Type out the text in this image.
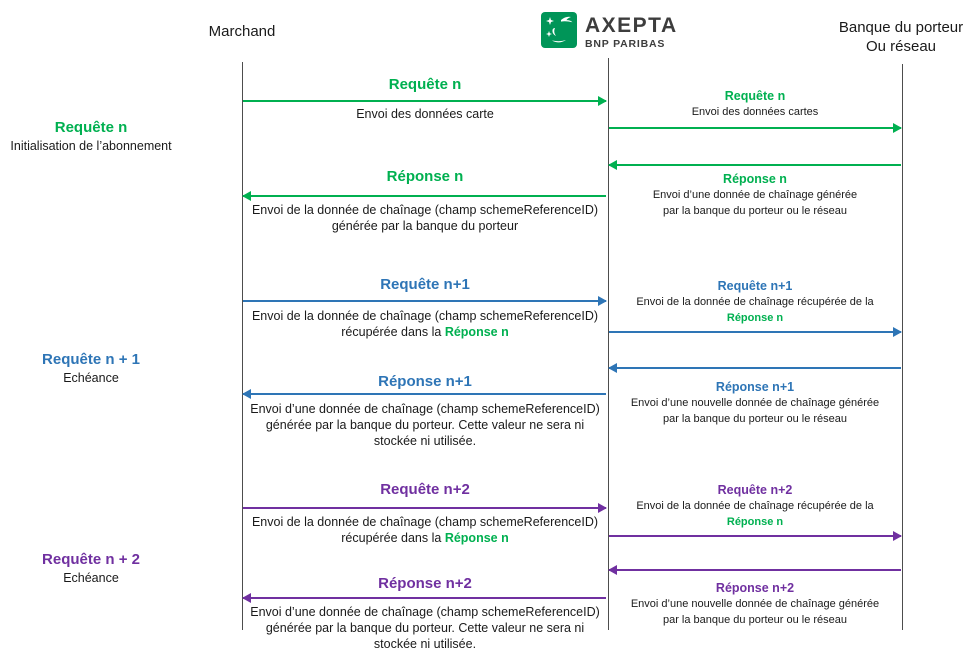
Marchand	AXEPTA
BNP PARIBAS
Banque du porteur
Ou réseau
Requête n
Initialisation de l’abonnement
Requête n + 1
Echéance
Requête n + 2
Echéance
Requête n
Envoi des données carte
Réponse n
Envoi de la donnée de chaînage (champ schemeReferenceID)
générée par la banque du porteur
Requête n+1
Envoi de la donnée de chaînage (champ schemeReferenceID)
récupérée dans la Réponse n
Réponse n+1
Envoi d’une donnée de chaînage (champ schemeReferenceID)
générée par la banque du porteur. Cette valeur ne sera ni
stockée ni utilisée.
Requête n+2
Envoi de la donnée de chaînage (champ schemeReferenceID)
récupérée dans la Réponse n
Réponse n+2
Envoi d’une donnée de chaînage (champ schemeReferenceID)
générée par la banque du porteur. Cette valeur ne sera ni
stockée ni utilisée.
Requête n
Envoi des données cartes
Réponse n
Envoi d’une donnée de chaînage générée
par la banque du porteur ou le réseau
Requête n+1
Envoi de la donnée de chaînage récupérée de la
Réponse n
Réponse n+1
Envoi d’une nouvelle donnée de chaînage générée
par la banque du porteur ou le réseau
Requête n+2
Envoi de la donnée de chaînage récupérée de la
Réponse n
Réponse n+2
Envoi d’une nouvelle donnée de chaînage générée
par la banque du porteur ou le réseau
